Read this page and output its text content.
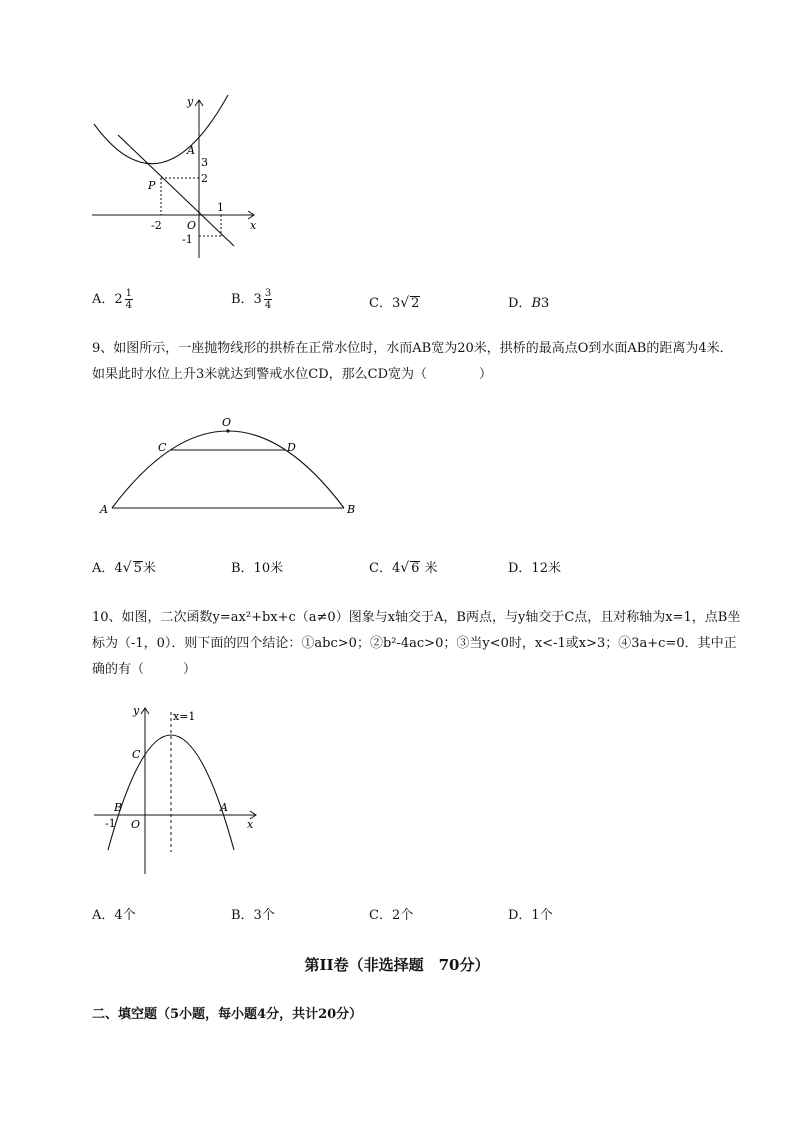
y
x
A
3
2
P
1
-2 O
-1
A．$2 \frac{1}{4}$	B．$3 \frac{3}{4}$	C．3√ 2	D．B3
9、如图所示，一座抛物线形的拱桥在正常水位时，水而AB宽为20米，拱桥的最高点O到水面AB的距离为4米．如果此时水位上升3米就达到警戒水位CD，那么CD宽为（　　　　）
O
C	D
A	B
A．4√ 5米	B．10米	C．4√ 6 米	D．12米
10、如图，二次函数y=ax²+bx+c（a≠0）图象与x轴交于A，B两点，与y轴交于C点，且对称轴为x=1，点B坐标为（-1，0）．则下面的四个结论：①abc>0；②b²-4ac>0；③当y<0时，x<-1或x>3；④3a+c=0．其中正确的有（　　　）
y	x=1
C
B	A
-1 O	x
A．4个	B．3个	C．2个	D．1个
第II卷（非选择题　70分）
二、填空题（5小题，每小题4分，共计20分）
